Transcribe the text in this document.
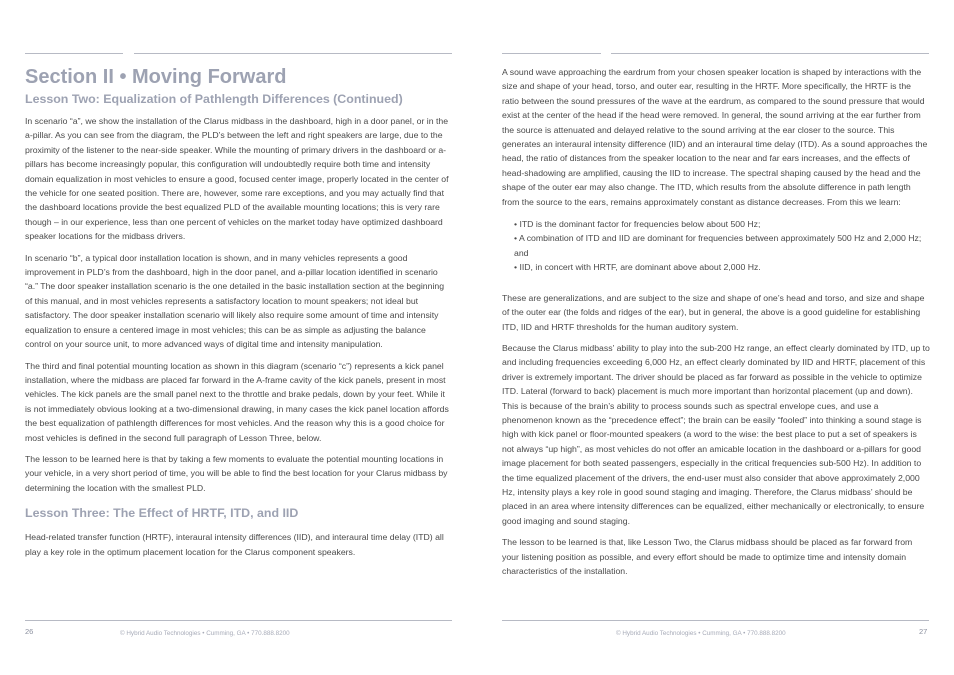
Section II • Moving Forward
Lesson Two: Equalization of Pathlength Differences (Continued)

In scenario “a”, we show the installation of the Clarus midbass in the dashboard, high in a door panel, or in the a-pillar. As you can see from the diagram, the PLD’s between the left and right speakers are large, due to the proximity of the listener to the near-side speaker. While the mounting of primary drivers in the dashboard or a-pillars has become increasingly popular, this configuration will undoubtedly require both time and intensity domain equalization in most vehicles to ensure a good, focused center image, properly located in the center of the vehicle for one seated position. There are, however, some rare exceptions, and you may actually find that the dashboard locations provide the best equalized PLD of the available mounting locations; this is very rare though – in our experience, less than one percent of vehicles on the market today have optimized dashboard speaker locations for the midbass drivers.

In scenario “b”, a typical door installation location is shown, and in many vehicles represents a good improvement in PLD’s from the dashboard, high in the door panel, and a-pillar location identified in scenario “a.” The door speaker installation scenario is the one detailed in the basic installation section at the beginning of this manual, and in most vehicles represents a satisfactory location to mount speakers; not ideal but satisfactory. The door speaker installation scenario will likely also require some amount of time and intensity equalization to ensure a centered image in most vehicles; this can be as simple as adjusting the balance control on your source unit, to more advanced ways of digital time and intensity manipulation.

The third and final potential mounting location as shown in this diagram (scenario “c”) represents a kick panel installation, where the midbass are placed far forward in the A-frame cavity of the kick panels, present in most vehicles. The kick panels are the small panel next to the throttle and brake pedals, down by your feet. While it is not immediately obvious looking at a two-dimensional drawing, in many cases the kick panel location affords the best equalization of pathlength differences for most vehicles. And the reason why this is a good choice for most vehicles is defined in the second full paragraph of Lesson Three, below.

The lesson to be learned here is that by taking a few moments to evaluate the potential mounting locations in your vehicle, in a very short period of time, you will be able to find the best location for your Clarus midbass by determining the location with the smallest PLD.

Lesson Three: The Effect of HRTF, ITD, and IID

Head-related transfer function (HRTF), interaural intensity differences (IID), and interaural time delay (ITD) all play a key role in the optimum placement location for the Clarus component speakers.

A sound wave approaching the eardrum from your chosen speaker location is shaped by interactions with the size and shape of your head, torso, and outer ear, resulting in the HRTF. More specifically, the HRTF is the ratio between the sound pressures of the wave at the eardrum, as compared to the sound pressure that would exist at the center of the head if the head were removed. In general, the sound arriving at the ear further from the source is attenuated and delayed relative to the sound arriving at the ear closer to the source. This generates an interaural intensity difference (IID) and an interaural time delay (ITD). As a sound approaches the head, the ratio of distances from the speaker location to the near and far ears increases, and the effects of head-shadowing are amplified, causing the IID to increase. The spectral shaping caused by the head and the shape of the outer ear may also change. The ITD, which results from the absolute difference in path length from the source to the ears, remains approximately constant as distance decreases. From this we learn:

• ITD is the dominant factor for frequencies below about 500 Hz;
• A combination of ITD and IID are dominant for frequencies between approximately 500 Hz and 2,000 Hz; and
• IID, in concert with HRTF, are dominant above about 2,000 Hz.

These are generalizations, and are subject to the size and shape of one’s head and torso, and size and shape of the outer ear (the folds and ridges of the ear), but in general, the above is a good guideline for establishing ITD, IID and HRTF thresholds for the human auditory system.

Because the Clarus midbass’ ability to play into the sub-200 Hz range, an effect clearly dominated by ITD, up to and including frequencies exceeding 6,000 Hz, an effect clearly dominated by IID and HRTF, placement of this driver is extremely important. The driver should be placed as far forward as possible in the vehicle to optimize ITD. Lateral (forward to back) placement is much more important than horizontal placement (up and down). This is because of the brain’s ability to process sounds such as spectral envelope cues, and use a phenomenon known as the “precedence effect”; the brain can be easily “fooled” into thinking a sound stage is high with kick panel or floor-mounted speakers (a word to the wise: the best place to put a set of speakers is not always “up high”, as most vehicles do not offer an amicable location in the dashboard or a-pillars for good image placement for both seated passengers, especially in the critical frequencies sub-500 Hz). In addition to the time equalized placement of the drivers, the end-user must also consider that above approximately 2,000 Hz, intensity plays a key role in good sound staging and imaging. Therefore, the Clarus midbass’ should be placed in an area where intensity differences can be equalized, either mechanically or electronically, to ensure good imaging and sound staging.

The lesson to be learned is that, like Lesson Two, the Clarus midbass should be placed as far forward from your listening position as possible, and every effort should be made to optimize time and intensity domain characteristics of the installation.

26	© Hybrid Audio Technologies • Cumming, GA • 770.888.8200	© Hybrid Audio Technologies • Cumming, GA • 770.888.8200	27
